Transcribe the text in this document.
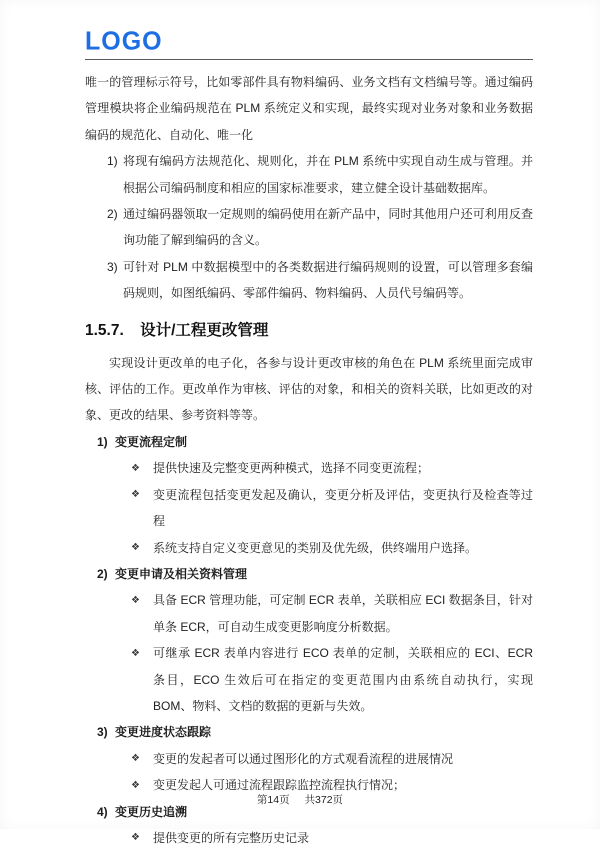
LOGO

唯一的管理标示符号，比如零部件具有物料编码、业务文档有文档编号等。通过编码管理模块将企业编码规范在 PLM 系统定义和实现，最终实现对业务对象和业务数据编码的规范化、自动化、唯一化

1) 将现有编码方法规范化、规则化，并在 PLM 系统中实现自动生成与管理。并根据公司编码制度和相应的国家标准要求，建立健全设计基础数据库。
2) 通过编码器领取一定规则的编码使用在新产品中，同时其他用户还可利用反查询功能了解到编码的含义。
3) 可针对 PLM 中数据模型中的各类数据进行编码规则的设置，可以管理多套编码规则，如图纸编码、零部件编码、物料编码、人员代号编码等。
1.5.7. 设计/工程更改管理

实现设计更改单的电子化，各参与设计更改审核的角色在 PLM 系统里面完成审核、评估的工作。更改单作为审核、评估的对象，和相关的资料关联，比如更改的对象、更改的结果、参考资料等等。

1) 变更流程定制
❖ 提供快速及完整变更两种模式，选择不同变更流程；
❖ 变更流程包括变更发起及确认，变更分析及评估，变更执行及检查等过程
❖ 系统支持自定义变更意见的类别及优先级，供终端用户选择。
2) 变更申请及相关资料管理
❖ 具备 ECR 管理功能，可定制 ECR 表单，关联相应 ECI 数据条目，针对单条 ECR，可自动生成变更影响度分析数据。
❖ 可继承 ECR 表单内容进行 ECO 表单的定制，关联相应的 ECI、ECR 条目，ECO 生效后可在指定的变更范围内由系统自动执行，实现 BOM、物料、文档的数据的更新与失效。
3) 变更进度状态跟踪
❖ 变更的发起者可以通过图形化的方式观看流程的进展情况
❖ 变更发起人可通过流程跟踪监控流程执行情况；
4) 变更历史追溯
❖ 提供变更的所有完整历史记录
第14页 共372页
